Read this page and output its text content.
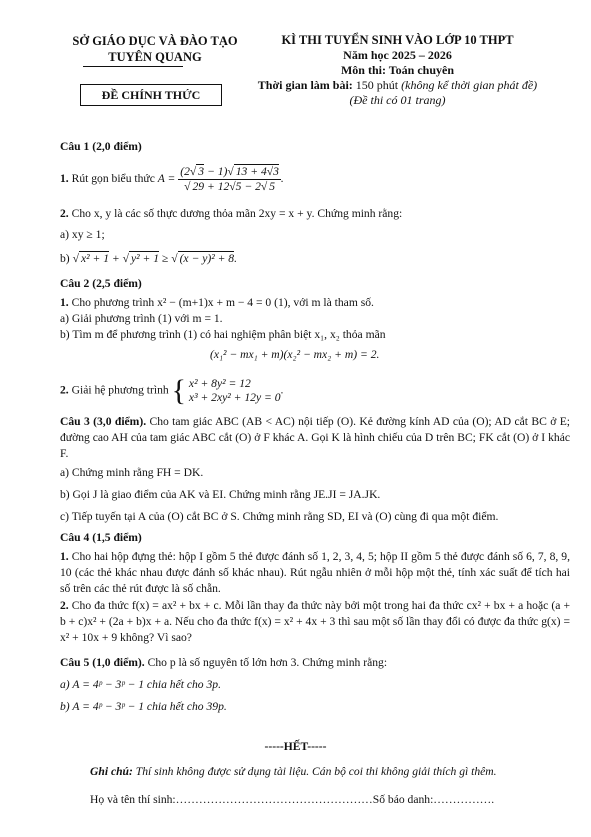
SỞ GIÁO DỤC VÀ ĐÀO TẠO
TUYÊN QUANG
ĐỀ CHÍNH THỨC
KÌ THI TUYỂN SINH VÀO LỚP 10 THPT
Năm học 2025 – 2026
Môn thi: Toán chuyên
Thời gian làm bài: 150 phút (không kể thời gian phát đề)
(Đề thi có 01 trang)
Câu 1 (2,0 điểm)
1. Rút gọn biểu thức $A = \frac{(2√ 3 - 1)√ 13 + 4√3}{√ 29 + 12√5 - 2√ 5}$ .
2. Cho x, y là các số thực dương thỏa mãn 2xy = x + y. Chứng minh rằng:
a) xy ≥ 1;
b) √ x² + 1 + √ y² + 1 ≥ √ (x − y)² + 8.
Câu 2 (2,5 điểm)
1. Cho phương trình x² − (m+1)x + m − 4 = 0 (1), với m là tham số.
a) Giải phương trình (1) với m = 1.
b) Tìm m để phương trình (1) có hai nghiệm phân biệt x₁, x₂ thỏa mãn
(x₁² − mx₁ + m)(x₂² − mx₂ + m) = 2.
2. Giải hệ phương trình { x² + 8y² = 12
x³ + 2xy² + 12y = 0
.
Câu 3 (3,0 điểm). Cho tam giác ABC (AB < AC) nội tiếp (O). Kẻ đường kính AD của (O); AD cắt BC ở E; đường cao AH của tam giác ABC cắt (O) ở F khác A. Gọi K là hình chiếu của D trên BC; FK cắt (O) ở I khác F.
a) Chứng minh rằng FH = DK.
b) Gọi J là giao điểm của AK và EI. Chứng minh rằng JE.JI = JA.JK.
c) Tiếp tuyến tại A của (O) cắt BC ở S. Chứng minh rằng SD, EI và (O) cùng đi qua một điểm.
Câu 4 (1,5 điểm)
1. Cho hai hộp đựng thẻ: hộp I gồm 5 thẻ được đánh số 1, 2, 3, 4, 5; hộp II gồm 5 thẻ được đánh số 6, 7, 8, 9, 10 (các thẻ khác nhau được đánh số khác nhau). Rút ngẫu nhiên ở mỗi hộp một thẻ, tính xác suất để tích hai số trên các thẻ rút được là số chẵn.
2. Cho đa thức f(x) = ax² + bx + c. Mỗi lần thay đa thức này bởi một trong hai đa thức cx² + bx + a hoặc (a + b + c)x² + (2a + b)x + a. Nếu cho đa thức f(x) = x² + 4x + 3 thì sau một số lần thay đổi có được đa thức g(x) = x² + 10x + 9 không? Vì sao?
Câu 5 (1,0 điểm). Cho p là số nguyên tố lớn hơn 3. Chứng minh rằng:
a) A = 4ᵖ − 3ᵖ − 1 chia hết cho 3p.
b) A = 4ᵖ − 3ᵖ − 1 chia hết cho 39p.
-----HẾT-----
Ghi chú: Thí sinh không được sử dụng tài liệu. Cán bộ coi thi không giải thích gì thêm.
Họ và tên thí sinh:……………………………………………Số báo danh:…………….
